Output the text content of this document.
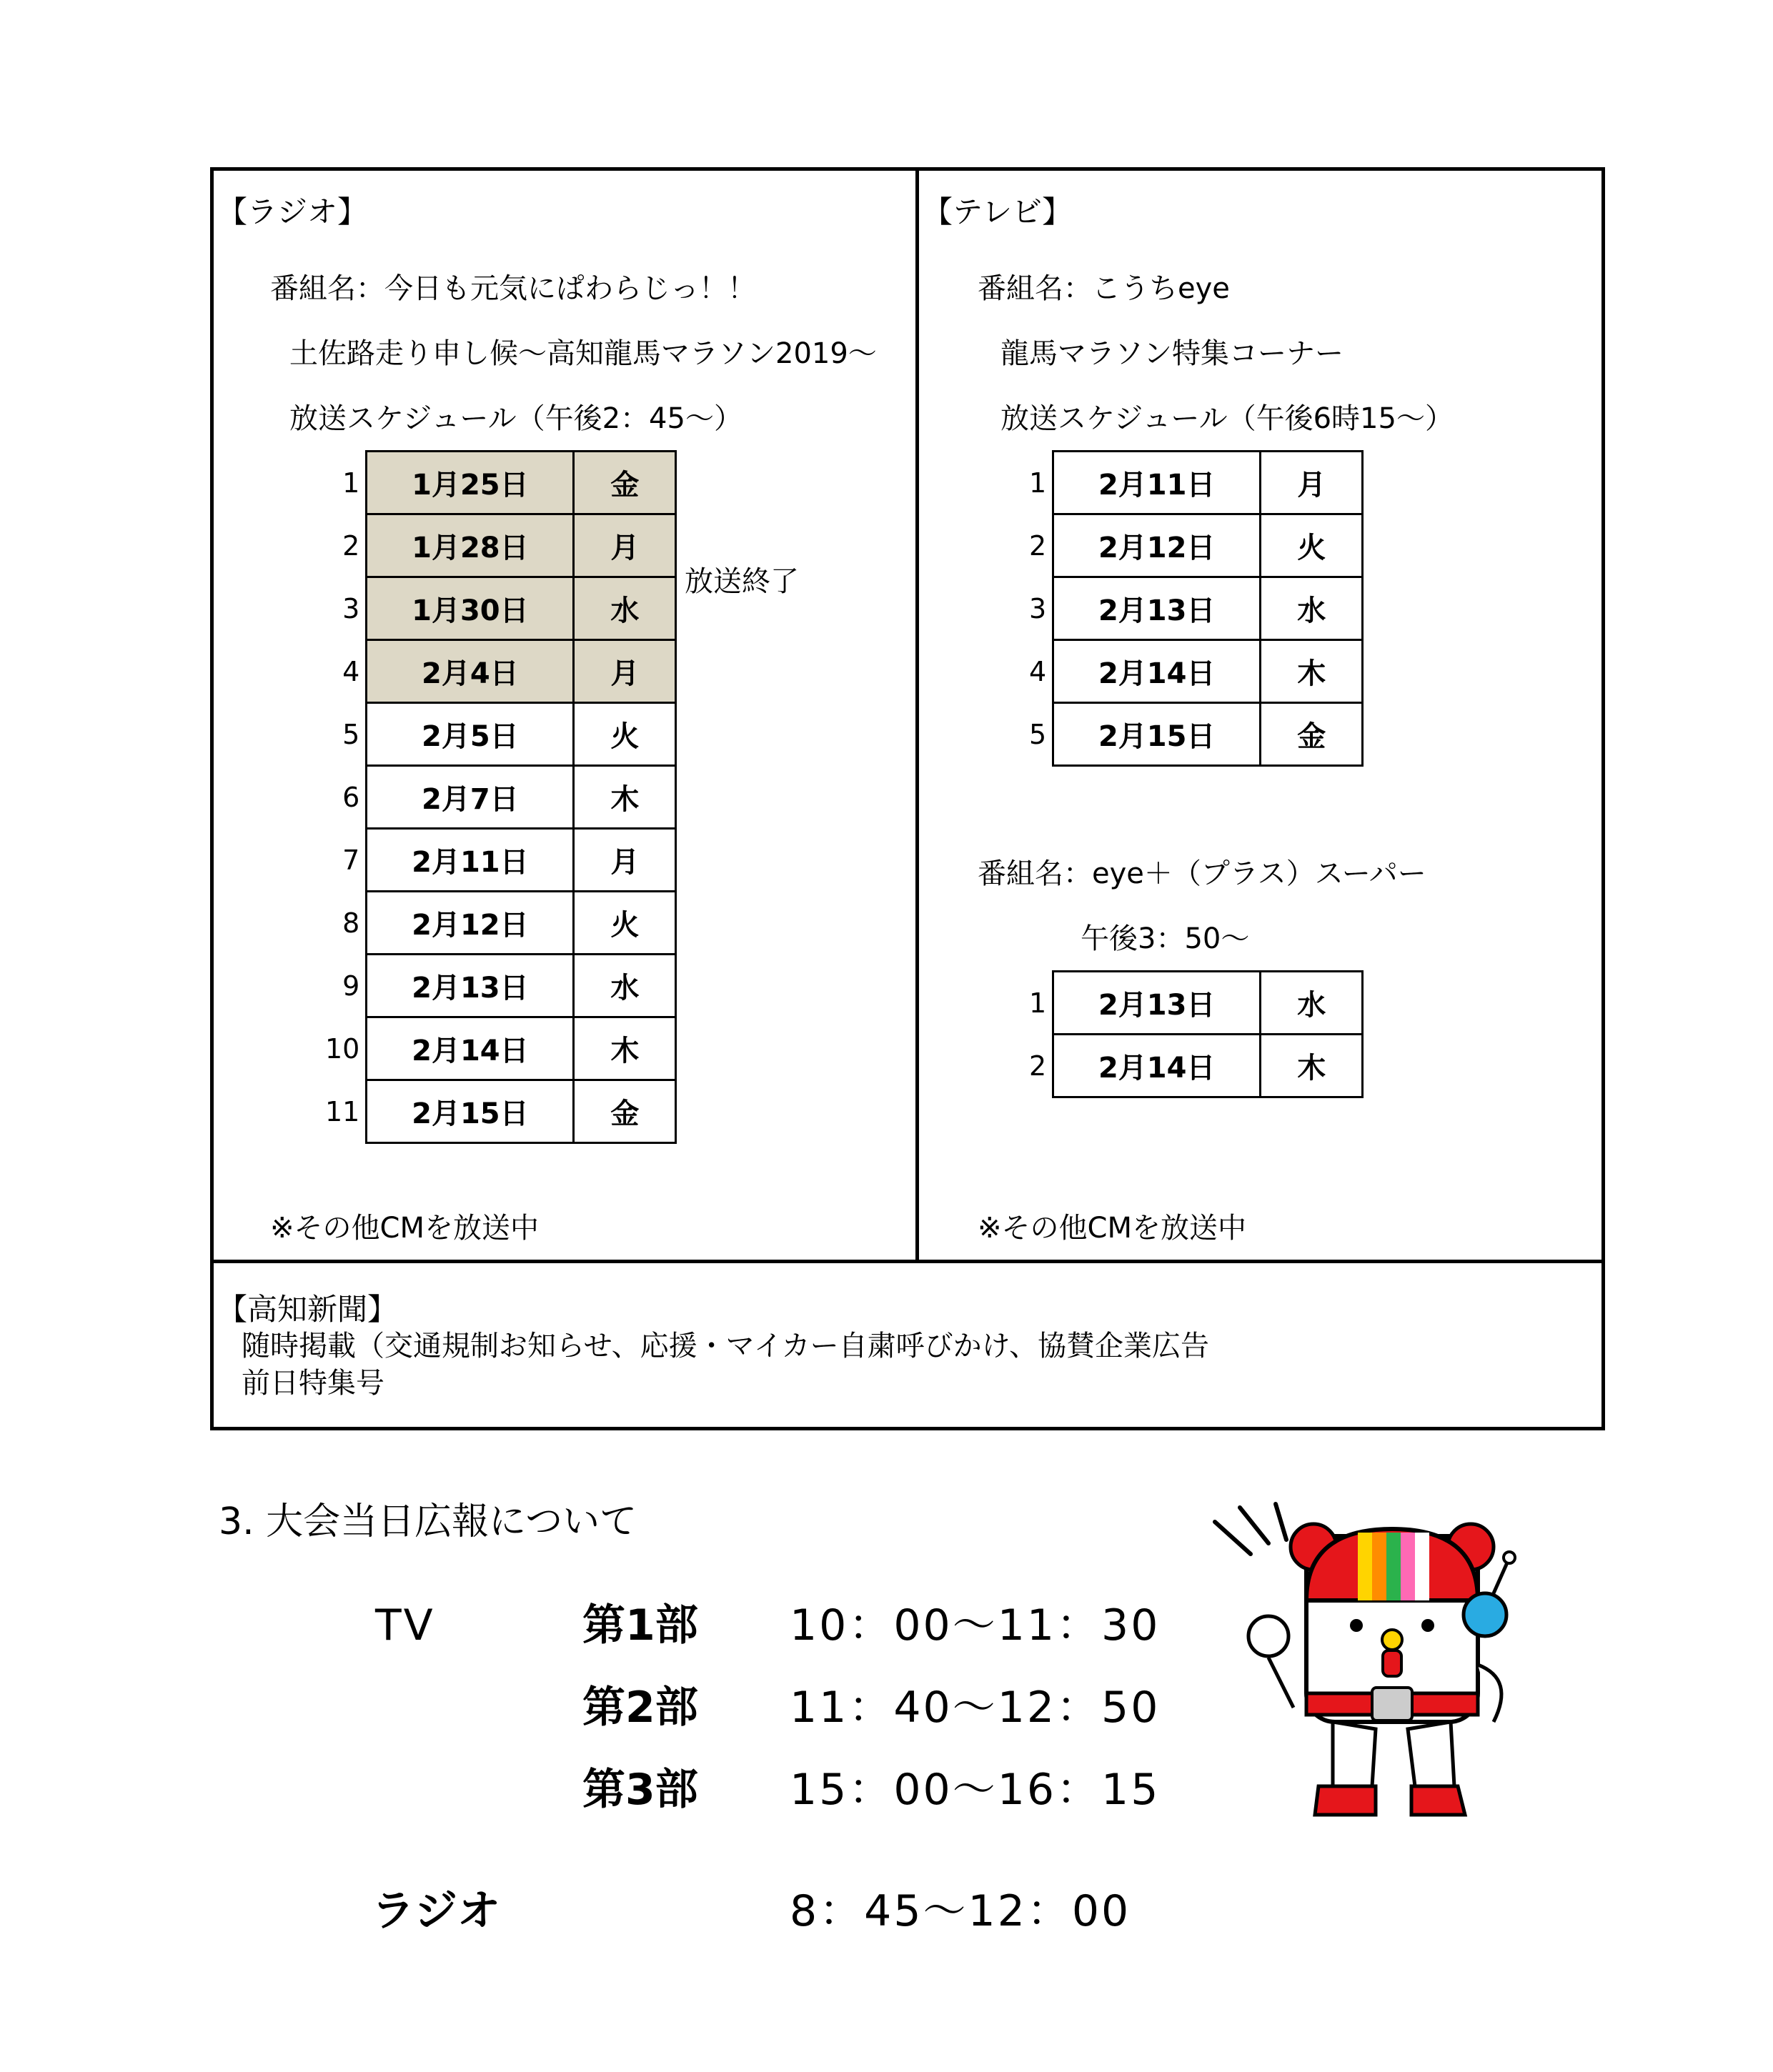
【ラジオ】
番組名：今日も元気にぱわらじっ！！
土佐路走り申し候～高知龍馬マラソン2019～
放送スケジュール（午後2：45～）
1	1月25日	金
2	1月28日	月
3	1月30日	水
4	2月4日	月
5	2月5日	火
6	2月7日	木
7	2月11日	月
8	2月12日	火
9	2月13日	水
10	2月14日	木
11	2月15日	金
放送終了
※その他CMを放送中
【テレビ】
番組名：こうちeye
龍馬マラソン特集コーナー
放送スケジュール（午後6時15～）
1	2月11日	月
2	2月12日	火
3	2月13日	水
4	2月14日	木
5	2月15日	金
番組名：eye＋（プラス）スーパー
午後3：50～
1	2月13日	水
2	2月14日	木
※その他CMを放送中
【高知新聞】
随時掲載（交通規制お知らせ、応援・マイカー自粛呼びかけ、協賛企業広告
前日特集号
3. 大会当日広報について
TV	第1部 10：00～11：30
第2部 11：40～12：50
第3部 15：00～16：15
ラジオ	8：45～12：00
